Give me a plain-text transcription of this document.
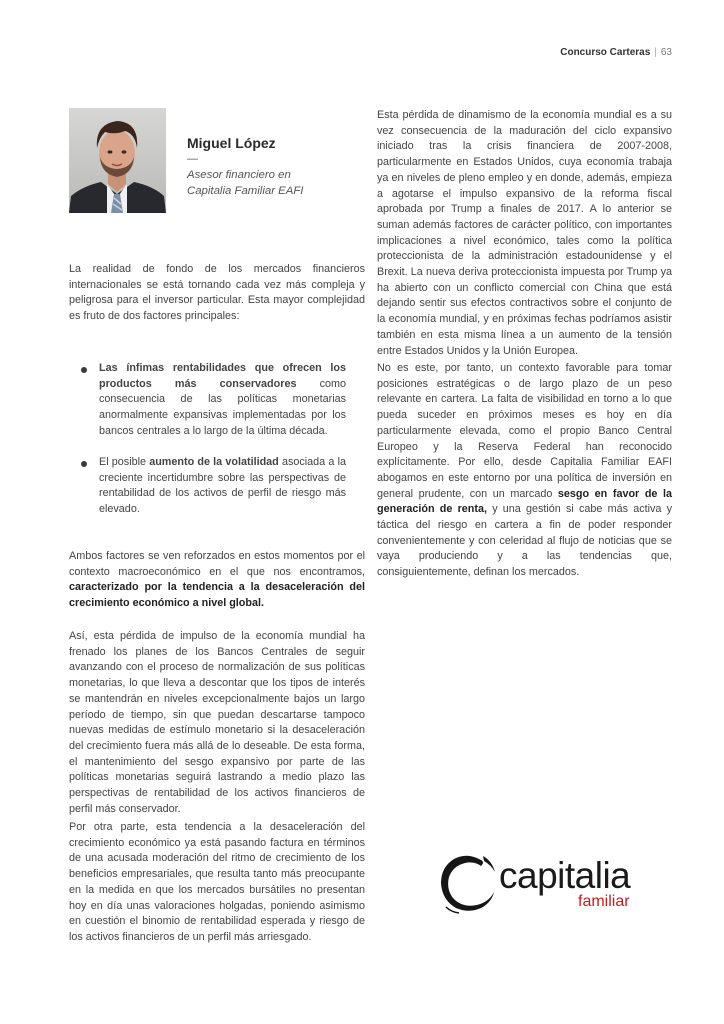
Concurso Carteras | 63
Miguel López
—
Asesor financiero en
Capitalia Familiar EAFI
La realidad de fondo de los mercados financieros internacionales se está tornando cada vez más compleja y peligrosa para el inversor particular. Esta mayor complejidad es fruto de dos factores principales:
Las ínfimas rentabilidades que ofrecen los productos más conservadores como consecuencia de las políticas monetarias anormalmente expansivas implementadas por los bancos centrales a lo largo de la última década.
El posible aumento de la volatilidad asociada a la creciente incertidumbre sobre las perspectivas de rentabilidad de los activos de perfil de riesgo más elevado.
Ambos factores se ven reforzados en estos momentos por el contexto macroeconómico en el que nos encontramos, caracterizado por la tendencia a la desaceleración del crecimiento económico a nivel global.
Así, esta pérdida de impulso de la economía mundial ha frenado los planes de los Bancos Centrales de seguir avanzando con el proceso de normalización de sus políticas monetarias, lo que lleva a descontar que los tipos de interés se mantendrán en niveles excepcionalmente bajos un largo período de tiempo, sin que puedan descartarse tampoco nuevas medidas de estímulo monetario si la desaceleración del crecimiento fuera más allá de lo deseable. De esta forma, el mantenimiento del sesgo expansivo por parte de las políticas monetarias seguirá lastrando a medio plazo las perspectivas de rentabilidad de los activos financieros de perfil más conservador.
Por otra parte, esta tendencia a la desaceleración del crecimiento económico ya está pasando factura en términos de una acusada moderación del ritmo de crecimiento de los beneficios empresariales, que resulta tanto más preocupante en la medida en que los mercados bursátiles no presentan hoy en día unas valoraciones holgadas, poniendo asimismo en cuestión el binomio de rentabilidad esperada y riesgo de los activos financieros de un perfil más arriesgado.
Esta pérdida de dinamismo de la economía mundial es a su vez consecuencia de la maduración del ciclo expansivo iniciado tras la crisis financiera de 2007-2008, particularmente en Estados Unidos, cuya economía trabaja ya en niveles de pleno empleo y en donde, además, empieza a agotarse el impulso expansivo de la reforma fiscal aprobada por Trump a finales de 2017. A lo anterior se suman además factores de carácter político, con importantes implicaciones a nivel económico, tales como la política proteccionista de la administración estadounidense y el Brexit. La nueva deriva proteccionista impuesta por Trump ya ha abierto con un conflicto comercial con China que está dejando sentir sus efectos contractivos sobre el conjunto de la economía mundial, y en próximas fechas podríamos asistir también en esta misma línea a un aumento de la tensión entre Estados Unidos y la Unión Europea.
No es este, por tanto, un contexto favorable para tomar posiciones estratégicas o de largo plazo de un peso relevante en cartera. La falta de visibilidad en torno a lo que pueda suceder en próximos meses es hoy en día particularmente elevada, como el propio Banco Central Europeo y la Reserva Federal han reconocido explícitamente. Por ello, desde Capitalia Familiar EAFI abogamos en este entorno por una política de inversión en general prudente, con un marcado sesgo en favor de la generación de renta, y una gestión si cabe más activa y táctica del riesgo en cartera a fin de poder responder convenientemente y con celeridad al flujo de noticias que se vaya produciendo y a las tendencias que, consiguientemente, definan los mercados.
capitalia
familiar
